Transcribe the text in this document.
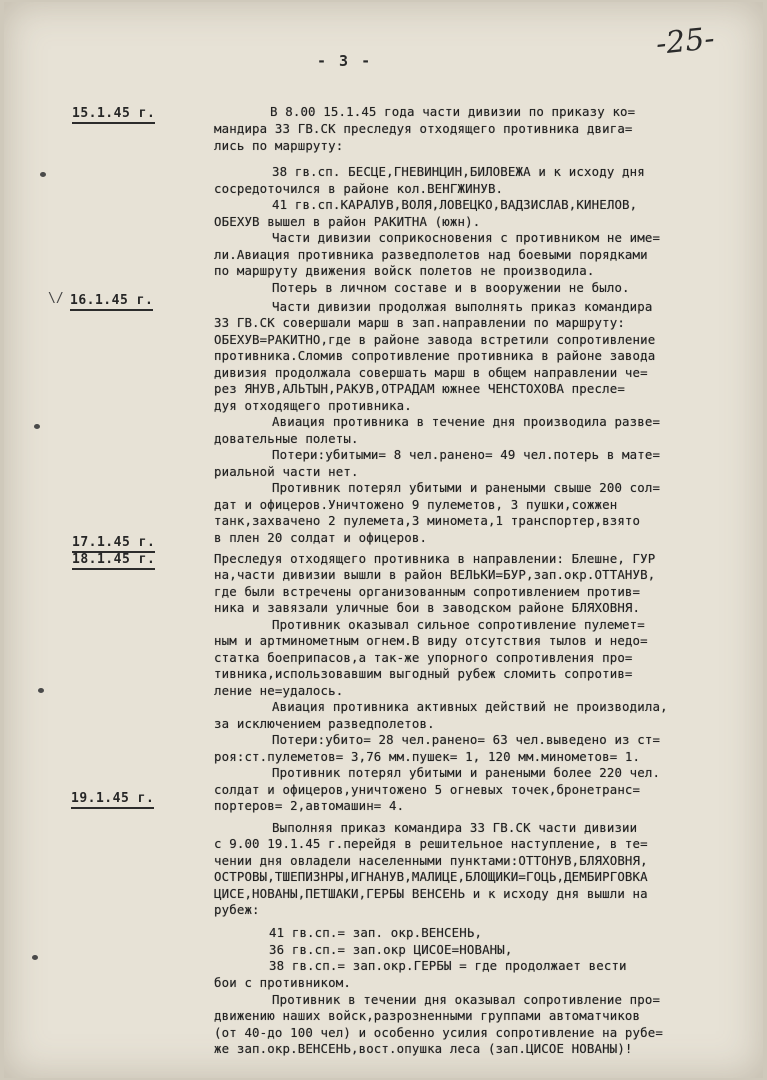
- 3 -	-25-
15.1.45 г.
\/ 16.1.45 г.
17.1.45 г.
18.1.45 г.
19.1.45 г.
В 8.00 15.1.45 года части дивизии по приказу ко=
мандира 33 ГВ.СК преследуя отходящего противника двига=
лись по маршруту:
38 гв.сп. БЕСЦЕ,ГНЕВИНЦИН,БИЛОВЕЖА и к исходу дня
сосредоточился в районе кол.ВЕНГЖИНУВ.
41 гв.сп.КАРАЛУВ,ВОЛЯ,ЛОВЕЦКО,ВАДЗИСЛАВ,КИНЕЛОВ,
ОБЕХУВ вышел в район РАКИТНА (южн).
Части дивизии соприкосновения с противником не име=
ли.Авиация противника разведполетов над боевыми порядками
по маршруту движения войск полетов не производила.
Потерь в личном составе и в вооружении не было.
Части дивизии продолжая выполнять приказ командира
33 ГВ.СК совершали марш в зап.направлении по маршруту:
ОБЕХУВ=РАКИТНО,где в районе завода встретили сопротивление
противника.Сломив сопротивление противника в районе завода
дивизия продолжала совершать марш в общем направлении че=
рез ЯНУВ,АЛЬТЫН,РАКУВ,ОТРАДАМ южнее ЧЕНСТОХОВА пресле=
дуя отходящего противника.
Авиация противника в течение дня производила разве=
довательные полеты.
Потери:убитыми= 8 чел.ранено= 49 чел.потерь в мате=
риальной части нет.
Противник потерял убитыми и ранеными свыше 200 сол=
дат и офицеров.Уничтожено 9 пулеметов, 3 пушки,сожжен
танк,захвачено 2 пулемета,3 миномета,1 транспортер,взято
в плен 20 солдат и офицеров.
Преследуя отходящего противника в направлении: Блешне, ГУР
на,части дивизии вышли в район ВЕЛЬКИ=БУР,зап.окр.ОТТАНУВ,
где были встречены организованным сопротивлением против=
ника и завязали уличные бои в заводском районе БЛЯХОВНЯ.
Противник оказывал сильное сопротивление пулемет=
ным и артминометным огнем.В виду отсутствия тылов и недо=
статка боеприпасов,а так-же упорного сопротивления про=
тивника,использовавшим выгодный рубеж сломить сопротив=
ление не=удалось.
Авиация противника активных действий не производила,
за исключением разведполетов.
Потери:убито= 28 чел.ранено= 63 чел.выведено из ст=
роя:ст.пулеметов= 3,76 мм.пушек= 1, 120 мм.минометов= 1.
Противник потерял убитыми и ранеными более 220 чел.
солдат и офицеров,уничтожено 5 огневых точек,бронетранс=
портеров= 2,автомашин= 4.
Выполняя приказ командира 33 ГВ.СК части дивизии
с 9.00 19.1.45 г.перейдя в решительное наступление, в те=
чении дня овладели населенными пунктами:ОТТОНУВ,БЛЯХОВНЯ,
ОСТРОВЫ,ТШЕПИЗНРЫ,ИГНАНУВ,МАЛИЦЕ,БЛОЩИКИ=ГОЦЬ,ДЕМБИРГОВКА
ЦИСЕ,НОВАНЫ,ПЕТШАКИ,ГЕРБЫ ВЕНСЕНЬ и к исходу дня вышли на
рубеж:
41 гв.сп.= зап. окр.ВЕНСЕНЬ,
36 гв.сп.= зап.окр ЦИСОЕ=НОВАНЫ,
38 гв.сп.= зап.окр.ГЕРБЫ = где продолжает вести
бои с противником.
Противник в течении дня оказывал сопротивление про=
движению наших войск,разрозненными группами автоматчиков
(от 40-до 100 чел) и особенно усилия сопротивление на рубе=
же зап.окр.ВЕНСЕНЬ,вост.опушка леса (зап.ЦИСОЕ НОВАНЫ)!
